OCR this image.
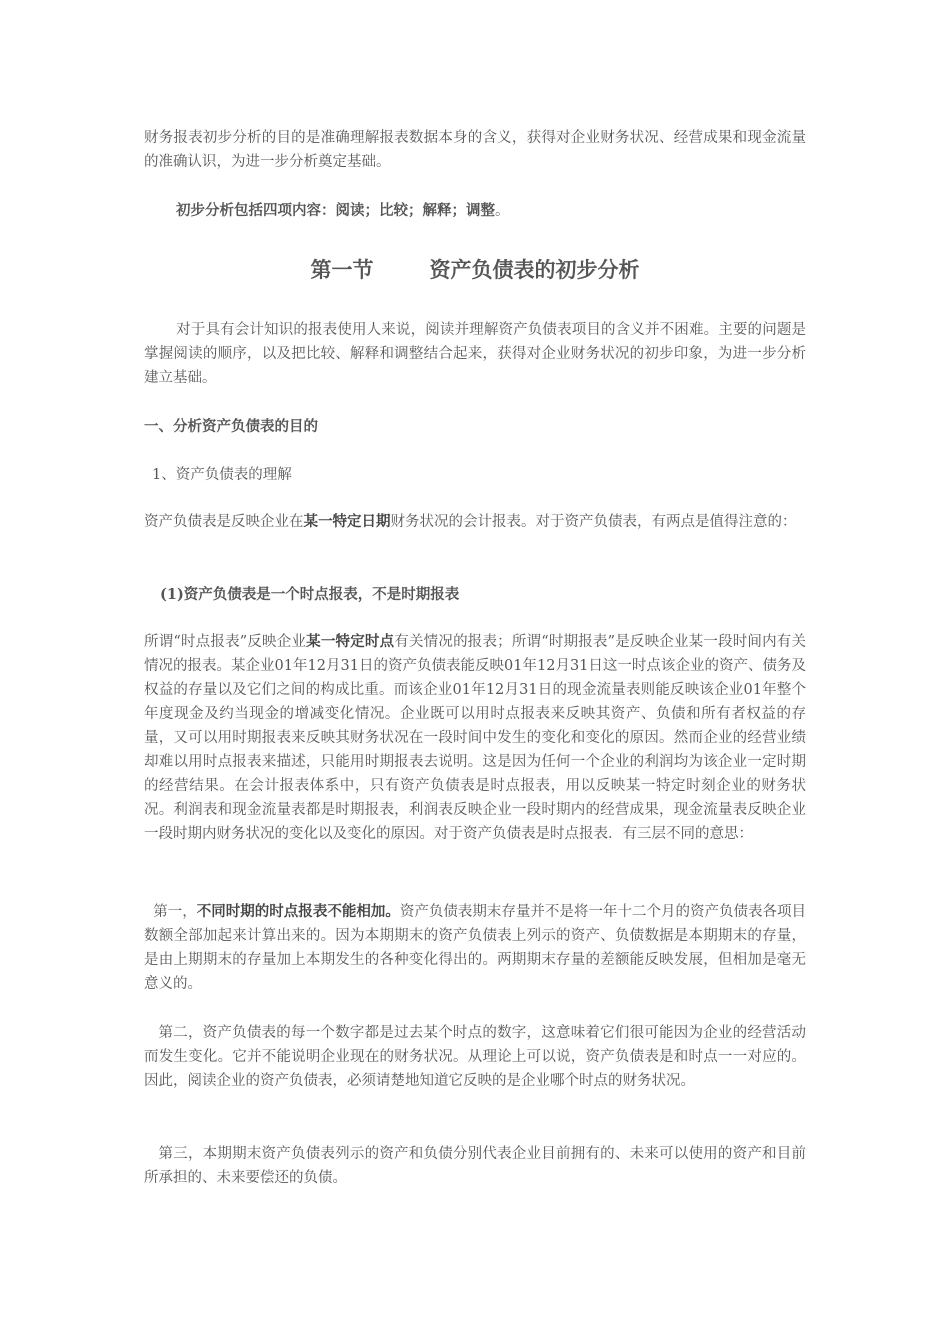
财务报表初步分析的目的是准确理解报表数据本身的含义，获得对企业财务状况、经营成果和现金流量的准确认识，为进一步分析奠定基础。

初步分析包括四项内容：阅读；比较；解释；调整。

第一节	资产负债表的初步分析

对于具有会计知识的报表使用人来说，阅读并理解资产负债表项目的含义并不困难。主要的问题是掌握阅读的顺序，以及把比较、解释和调整结合起来，获得对企业财务状况的初步印象，为进一步分析建立基础。

一、分析资产负债表的目的
1、资产负债表的理解

资产负债表是反映企业在某一特定日期财务状况的会计报表。对于资产负债表，有两点是值得注意的：

(1)资产负债表是一个时点报表，不是时期报表

所谓“时点报表”反映企业某一特定时点有关情况的报表；所谓“时期报表”是反映企业某一段时间内有关情况的报表。某企业01年12月31日的资产负债表能反映01年12月31日这一时点该企业的资产、债务及权益的存量以及它们之间的构成比重。而该企业01年12月31日的现金流量表则能反映该企业01年整个年度现金及约当现金的增减变化情况。企业既可以用时点报表来反映其资产、负债和所有者权益的存量，又可以用时期报表来反映其财务状况在一段时间中发生的变化和变化的原因。然而企业的经营业绩却难以用时点报表来描述，只能用时期报表去说明。这是因为任何一个企业的利润均为该企业一定时期的经营结果。在会计报表体系中，只有资产负债表是时点报表，用以反映某一特定时刻企业的财务状况。利润表和现金流量表都是时期报表，利润表反映企业一段时期内的经营成果，现金流量表反映企业一段时期内财务状况的变化以及变化的原因。对于资产负债表是时点报表．有三层不同的意思：

第一，不同时期的时点报表不能相加。资产负债表期末存量并不是将一年十二个月的资产负债表各项目数额全部加起来计算出来的。因为本期期末的资产负债表上列示的资产、负债数据是本期期末的存量，是由上期期末的存量加上本期发生的各种变化得出的。两期期末存量的差额能反映发展，但相加是毫无意义的。

第二，资产负债表的每一个数字都是过去某个时点的数字，这意味着它们很可能因为企业的经营活动而发生变化。它并不能说明企业现在的财务状况。从理论上可以说，资产负债表是和时点一一对应的。因此，阅读企业的资产负债表，必须请楚地知道它反映的是企业哪个时点的财务状况。

第三，本期期末资产负债表列示的资产和负债分别代表企业目前拥有的、未来可以使用的资产和目前所承担的、未来要偿还的负债。
